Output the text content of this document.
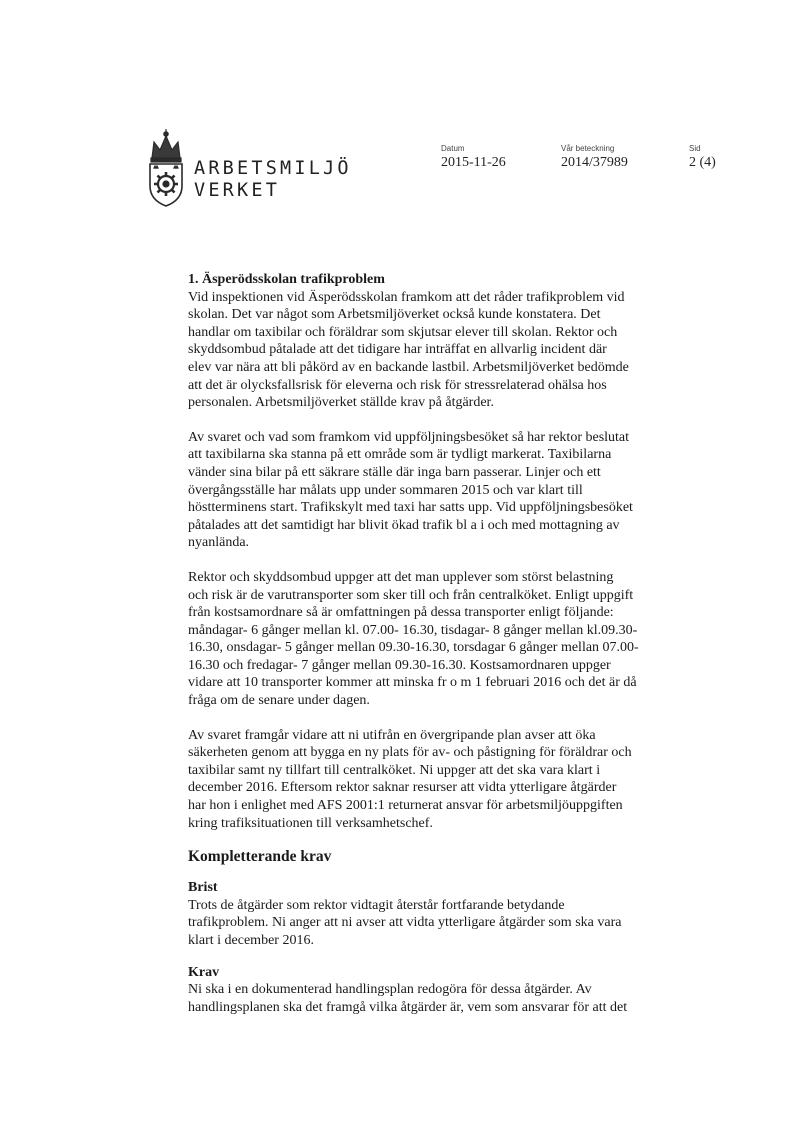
ARBETSMILJÖ
VERKET
Datum
2015-11-26
Vår beteckning
2014/37989
Sid
2 (4)
1. Äsperödsskolan trafikproblem
Vid inspektionen vid Äsperödsskolan framkom att det råder trafikproblem vid
skolan. Det var något som Arbetsmiljöverket också kunde konstatera. Det
handlar om taxibilar och föräldrar som skjutsar elever till skolan. Rektor och
skyddsombud påtalade att det tidigare har inträffat en allvarlig incident där
elev var nära att bli påkörd av en backande lastbil. Arbetsmiljöverket bedömde
att det är olycksfallsrisk för eleverna och risk för stressrelaterad ohälsa hos
personalen. Arbetsmiljöverket ställde krav på åtgärder.
Av svaret och vad som framkom vid uppföljningsbesöket så har rektor beslutat
att taxibilarna ska stanna på ett område som är tydligt markerat. Taxibilarna
vänder sina bilar på ett säkrare ställe där inga barn passerar. Linjer och ett
övergångsställe har målats upp under sommaren 2015 och var klart till
höstterminens start. Trafikskylt med taxi har satts upp. Vid uppföljningsbesöket
påtalades att det samtidigt har blivit ökad trafik bl a i och med mottagning av
nyanlända.
Rektor och skyddsombud uppger att det man upplever som störst belastning
och risk är de varutransporter som sker till och från centralköket. Enligt uppgift
från kostsamordnare så är omfattningen på dessa transporter enligt följande:
måndagar- 6 gånger mellan kl. 07.00- 16.30, tisdagar- 8 gånger mellan kl.09.30-
16.30, onsdagar- 5 gånger mellan 09.30-16.30, torsdagar 6 gånger mellan 07.00-
16.30 och fredagar- 7 gånger mellan 09.30-16.30. Kostsamordnaren uppger
vidare att 10 transporter kommer att minska fr o m 1 februari 2016 och det är då
fråga om de senare under dagen.
Av svaret framgår vidare att ni utifrån en övergripande plan avser att öka
säkerheten genom att bygga en ny plats för av- och påstigning för föräldrar och
taxibilar samt ny tillfart till centralköket. Ni uppger att det ska vara klart i
december 2016. Eftersom rektor saknar resurser att vidta ytterligare åtgärder
har hon i enlighet med AFS 2001:1 returnerat ansvar för arbetsmiljöuppgiften
kring trafiksituationen till verksamhetschef.
Kompletterande krav
Brist
Trots de åtgärder som rektor vidtagit återstår fortfarande betydande
trafikproblem. Ni anger att ni avser att vidta ytterligare åtgärder som ska vara
klart i december 2016.
Krav
Ni ska i en dokumenterad handlingsplan redogöra för dessa åtgärder. Av
handlingsplanen ska det framgå vilka åtgärder är, vem som ansvarar för att det
